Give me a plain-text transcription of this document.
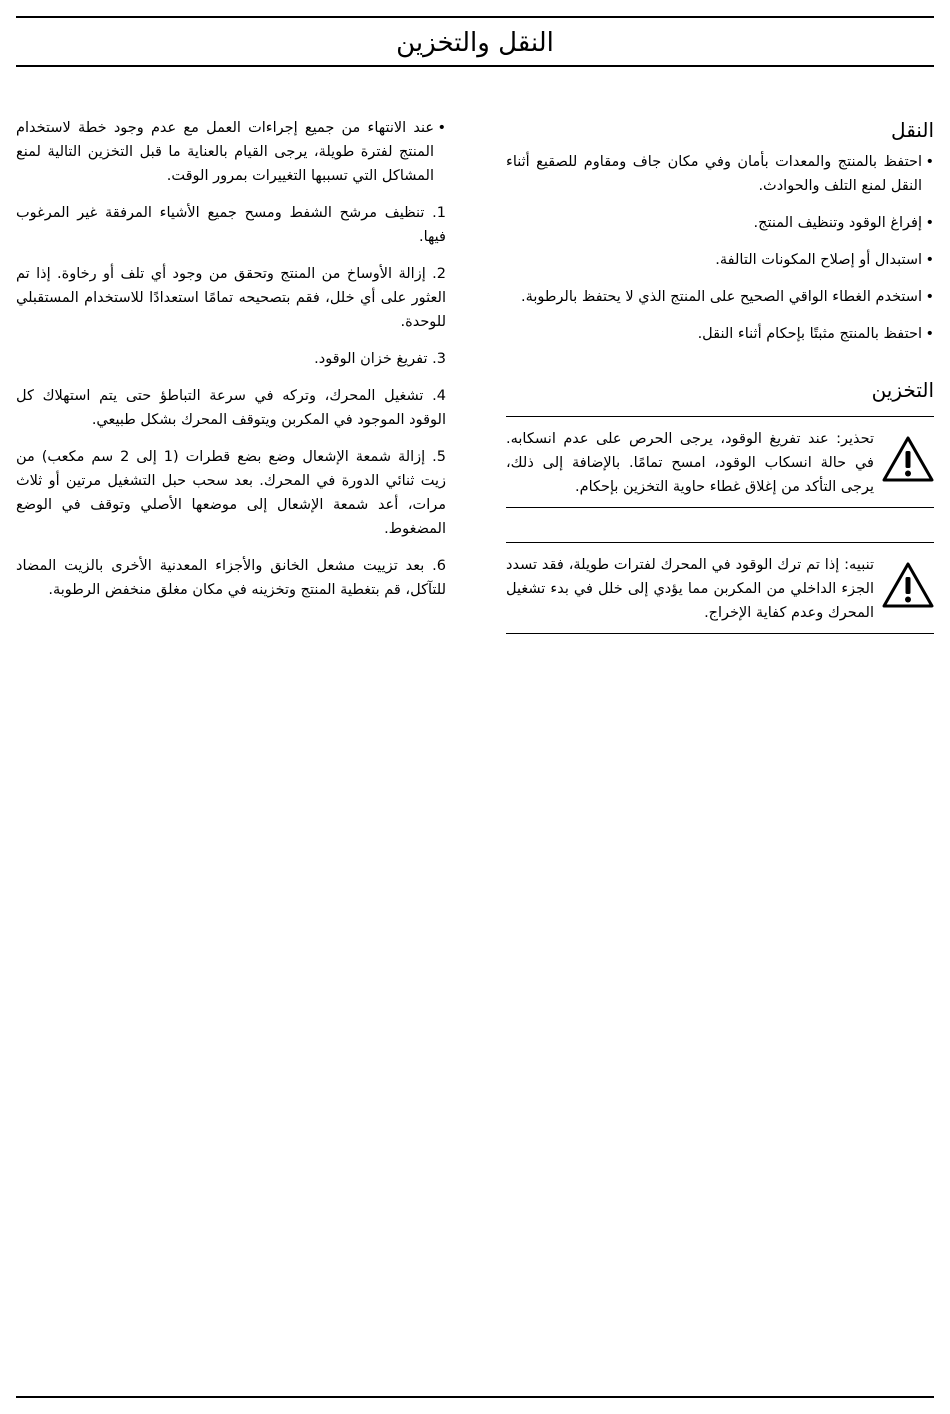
النقل والتخزين
النقل
•
احتفظ بالمنتج والمعدات بأمان وفي مكان جاف ومقاوم للصقيع أثناء النقل لمنع التلف والحوادث.
•
إفراغ الوقود وتنظيف المنتج.
•
استبدال أو إصلاح المكونات التالفة.
•
استخدم الغطاء الواقي الصحيح على المنتج الذي لا يحتفظ بالرطوبة.
•
احتفظ بالمنتج مثبتًا بإحكام أثناء النقل.
التخزين
تحذير: عند تفريغ الوقود، يرجى الحرص على عدم انسكابه. في حالة انسكاب الوقود، امسح تمامًا. بالإضافة إلى ذلك، يرجى التأكد من إغلاق غطاء حاوية التخزين بإحكام.
تنبيه: إذا تم ترك الوقود في المحرك لفترات طويلة، فقد تسدد الجزء الداخلي من المكربن مما يؤدي إلى خلل في بدء تشغيل المحرك وعدم كفاية الإخراج.
•
عند الانتهاء من جميع إجراءات العمل مع عدم وجود خطة لاستخدام المنتج لفترة طويلة، يرجى القيام بالعناية ما قبل التخزين التالية لمنع المشاكل التي تسببها التغييرات بمرور الوقت.
1. تنظيف مرشح الشفط ومسح جميع الأشياء المرفقة غير المرغوب فيها.
2. إزالة الأوساخ من المنتج وتحقق من وجود أي تلف أو رخاوة. إذا تم العثور على أي خلل، فقم بتصحيحه تمامًا استعدادًا للاستخدام المستقبلي للوحدة.
3. تفريغ خزان الوقود.
4. تشغيل المحرك، وتركه في سرعة التباطؤ حتى يتم استهلاك كل الوقود الموجود في المكربن ويتوقف المحرك بشكل طبيعي.
5. إزالة شمعة الإشعال وضع بضع قطرات (1 إلى 2 سم مكعب) من زيت ثنائي الدورة في المحرك. بعد سحب حبل التشغيل مرتين أو ثلاث مرات، أعد شمعة الإشعال إلى موضعها الأصلي وتوقف في الوضع المضغوط.
6. بعد تزييت مشعل الخانق والأجزاء المعدنية الأخرى بالزيت المضاد للتآكل، قم بتغطية المنتج وتخزينه في مكان مغلق منخفض الرطوبة.
